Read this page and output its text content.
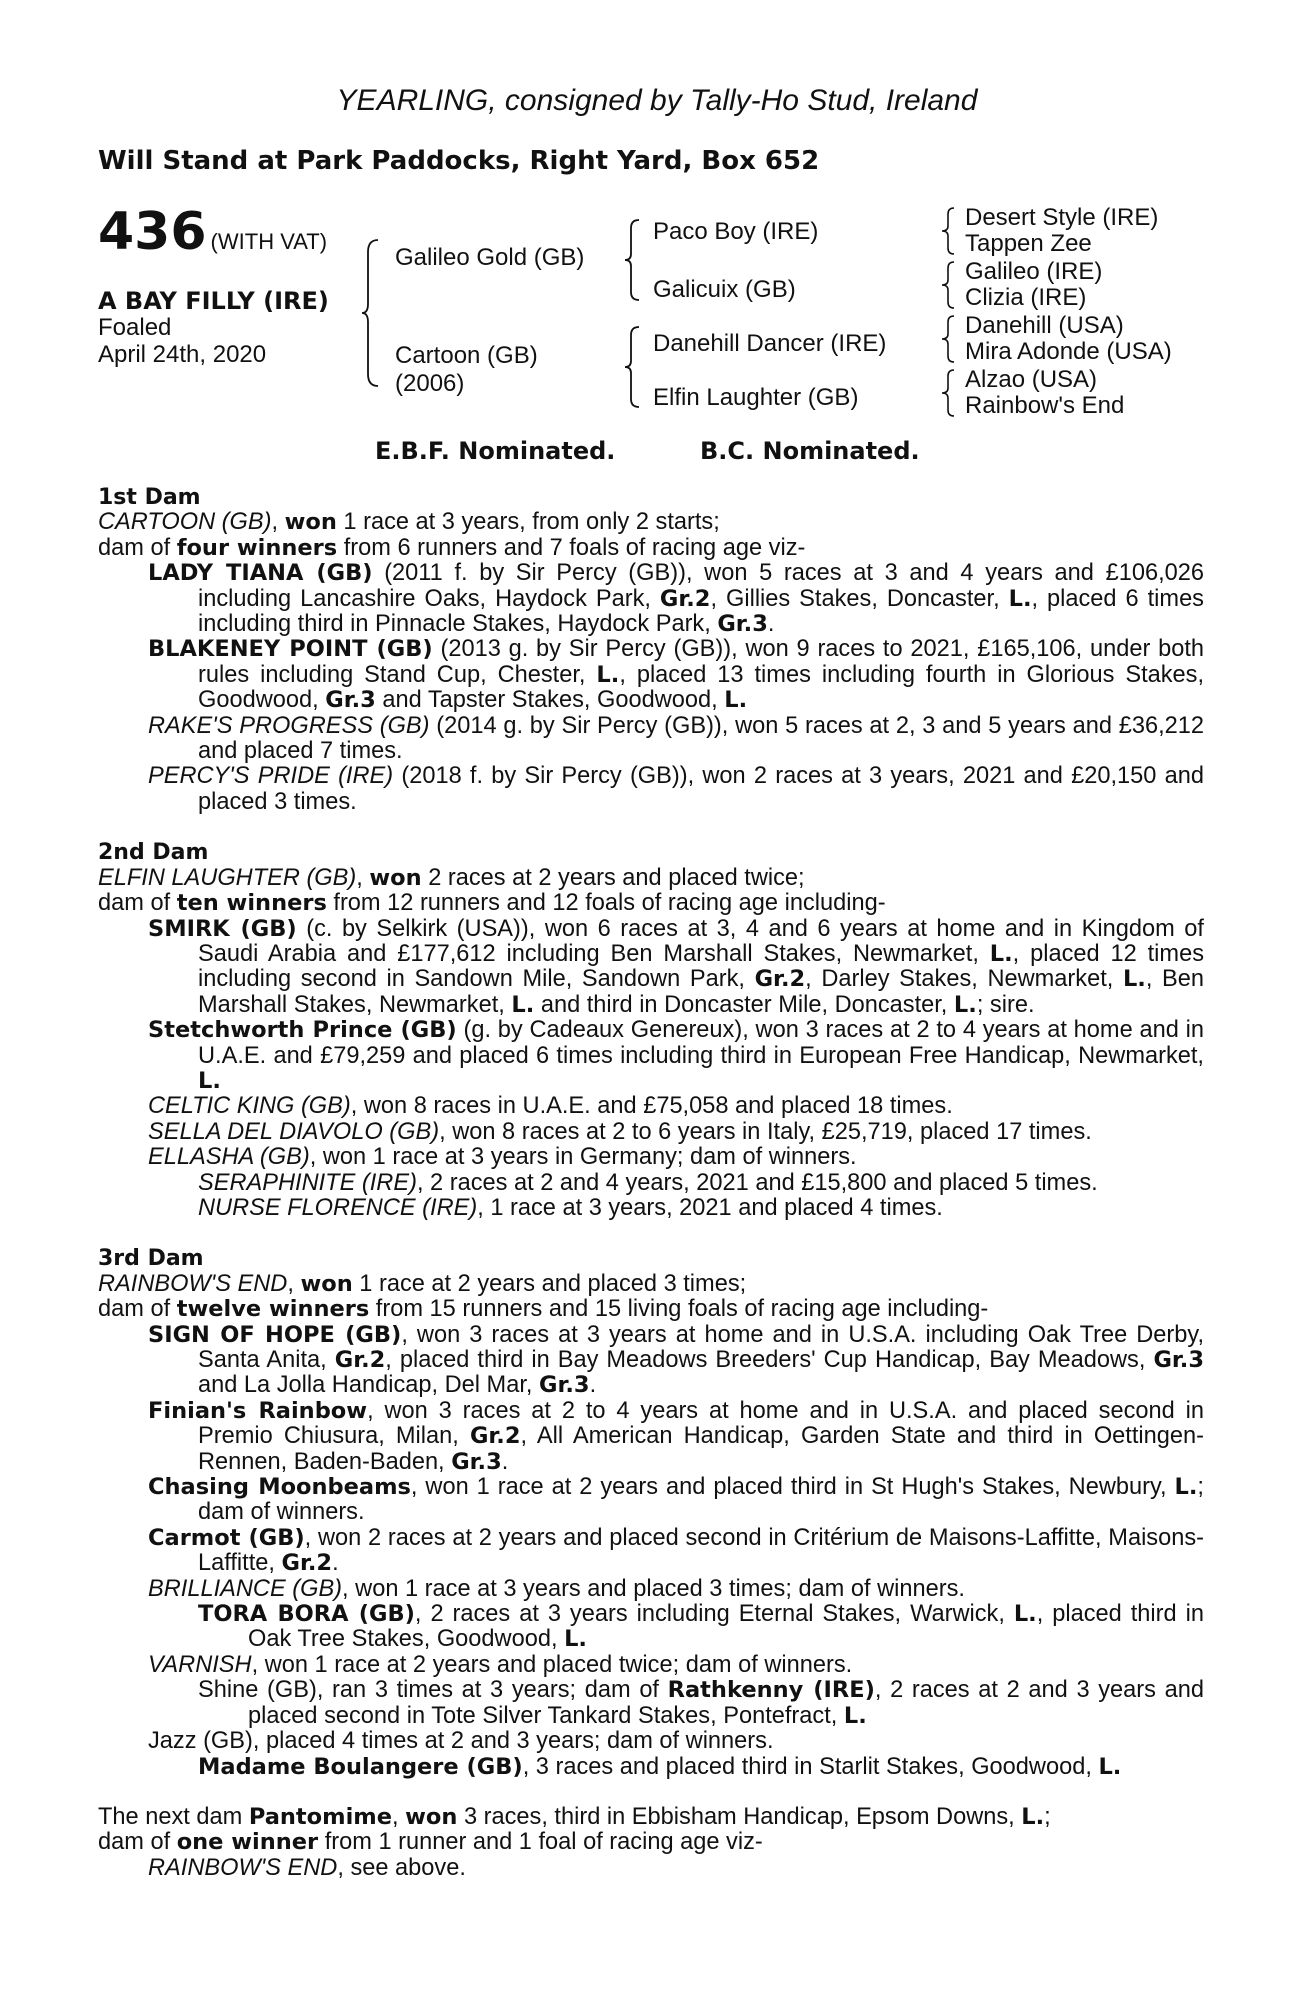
YEARLING, consigned by Tally-Ho Stud, Ireland
Will Stand at Park Paddocks, Right Yard, Box 652
436 (WITH VAT)
A BAY FILLY (IRE)
Foaled
April 24th, 2020
Galileo Gold (GB)
Cartoon (GB)
(2006)
Paco Boy (IRE)
Galicuix (GB)
Danehill Dancer (IRE)
Elfin Laughter (GB)
Desert Style (IRE)
Tappen Zee
Galileo (IRE)
Clizia (IRE)
Danehill (USA)
Mira Adonde (USA)
Alzao (USA)
Rainbow's End
E.B.F. Nominated.	B.C. Nominated.
1st Dam
CARTOON (GB), won 1 race at 3 years, from only 2 starts;
dam of four winners from 6 runners and 7 foals of racing age viz-
LADY TIANA (GB) (2011 f. by Sir Percy (GB)), won 5 races at 3 and 4 years and £106,026 including Lancashire Oaks, Haydock Park, Gr.2, Gillies Stakes, Doncaster, L., placed 6 times including third in Pinnacle Stakes, Haydock Park, Gr.3.
BLAKENEY POINT (GB) (2013 g. by Sir Percy (GB)), won 9 races to 2021, £165,106, under both rules including Stand Cup, Chester, L., placed 13 times including fourth in Glorious Stakes, Goodwood, Gr.3 and Tapster Stakes, Goodwood, L.
RAKE'S PROGRESS (GB) (2014 g. by Sir Percy (GB)), won 5 races at 2, 3 and 5 years and £36,212 and placed 7 times.
PERCY'S PRIDE (IRE) (2018 f. by Sir Percy (GB)), won 2 races at 3 years, 2021 and £20,150 and placed 3 times.
2nd Dam
ELFIN LAUGHTER (GB), won 2 races at 2 years and placed twice;
dam of ten winners from 12 runners and 12 foals of racing age including-
SMIRK (GB) (c. by Selkirk (USA)), won 6 races at 3, 4 and 6 years at home and in Kingdom of Saudi Arabia and £177,612 including Ben Marshall Stakes, Newmarket, L., placed 12 times including second in Sandown Mile, Sandown Park, Gr.2, Darley Stakes, Newmarket, L., Ben Marshall Stakes, Newmarket, L. and third in Doncaster Mile, Doncaster, L.; sire.
Stetchworth Prince (GB) (g. by Cadeaux Genereux), won 3 races at 2 to 4 years at home and in U.A.E. and £79,259 and placed 6 times including third in European Free Handicap, Newmarket, L.
CELTIC KING (GB), won 8 races in U.A.E. and £75,058 and placed 18 times.
SELLA DEL DIAVOLO (GB), won 8 races at 2 to 6 years in Italy, £25,719, placed 17 times.
ELLASHA (GB), won 1 race at 3 years in Germany; dam of winners.
SERAPHINITE (IRE), 2 races at 2 and 4 years, 2021 and £15,800 and placed 5 times.
NURSE FLORENCE (IRE), 1 race at 3 years, 2021 and placed 4 times.
3rd Dam
RAINBOW'S END, won 1 race at 2 years and placed 3 times;
dam of twelve winners from 15 runners and 15 living foals of racing age including-
SIGN OF HOPE (GB), won 3 races at 3 years at home and in U.S.A. including Oak Tree Derby, Santa Anita, Gr.2, placed third in Bay Meadows Breeders' Cup Handicap, Bay Meadows, Gr.3 and La Jolla Handicap, Del Mar, Gr.3.
Finian's Rainbow, won 3 races at 2 to 4 years at home and in U.S.A. and placed second in Premio Chiusura, Milan, Gr.2, All American Handicap, Garden State and third in Oettingen-Rennen, Baden-Baden, Gr.3.
Chasing Moonbeams, won 1 race at 2 years and placed third in St Hugh's Stakes, Newbury, L.; dam of winners.
Carmot (GB), won 2 races at 2 years and placed second in Critérium de Maisons-Laffitte, Maisons-Laffitte, Gr.2.
BRILLIANCE (GB), won 1 race at 3 years and placed 3 times; dam of winners.
TORA BORA (GB), 2 races at 3 years including Eternal Stakes, Warwick, L., placed third in Oak Tree Stakes, Goodwood, L.
VARNISH, won 1 race at 2 years and placed twice; dam of winners.
Shine (GB), ran 3 times at 3 years; dam of Rathkenny (IRE), 2 races at 2 and 3 years and placed second in Tote Silver Tankard Stakes, Pontefract, L.
Jazz (GB), placed 4 times at 2 and 3 years; dam of winners.
Madame Boulangere (GB), 3 races and placed third in Starlit Stakes, Goodwood, L.
The next dam Pantomime, won 3 races, third in Ebbisham Handicap, Epsom Downs, L.;
dam of one winner from 1 runner and 1 foal of racing age viz-
RAINBOW'S END, see above.
